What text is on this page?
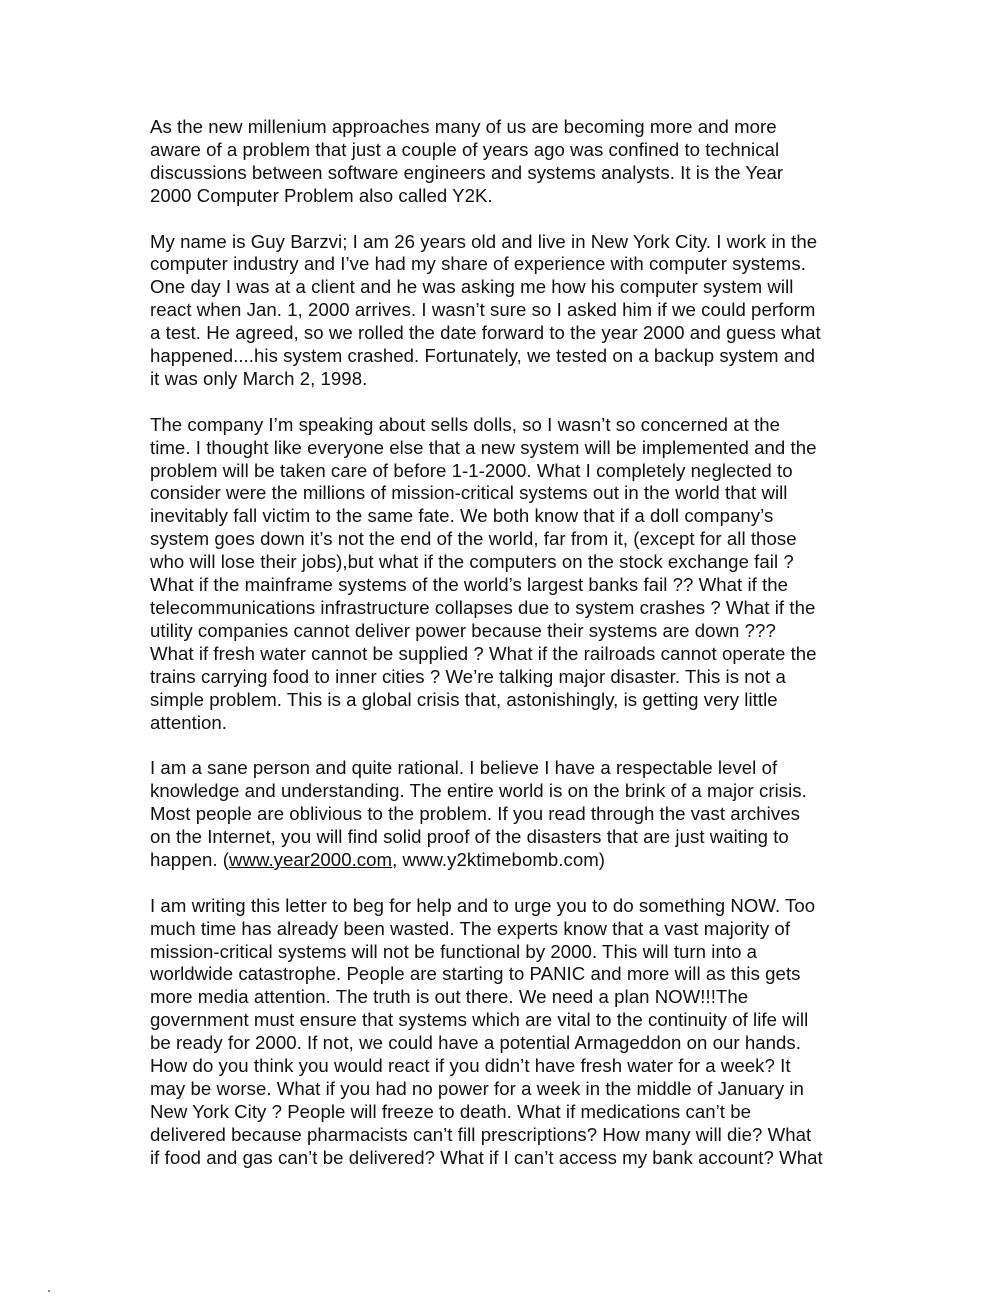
As the new millenium approaches many of us are becoming more and more
aware of a problem that just a couple of years ago was confined to technical
discussions between software engineers and systems analysts. It is the Year
2000 Computer Problem also called Y2K.
My name is Guy Barzvi; I am 26 years old and live in New York City. I work in the
computer industry and I’ve had my share of experience with computer systems.
One day I was at a client and he was asking me how his computer system will
react when Jan. 1, 2000 arrives. I wasn’t sure so I asked him if we could perform
a test. He agreed, so we rolled the date forward to the year 2000 and guess what
happened....his system crashed. Fortunately, we tested on a backup system and
it was only March 2, 1998.
The company I’m speaking about sells dolls, so I wasn’t so concerned at the
time. I thought like everyone else that a new system will be implemented and the
problem will be taken care of before 1-1-2000. What I completely neglected to
consider were the millions of mission-critical systems out in the world that will
inevitably fall victim to the same fate. We both know that if a doll company’s
system goes down it’s not the end of the world, far from it, (except for all those
who will lose their jobs),but what if the computers on the stock exchange fail ?
What if the mainframe systems of the world’s largest banks fail ?? What if the
telecommunications infrastructure collapses due to system crashes ? What if the
utility companies cannot deliver power because their systems are down ???
What if fresh water cannot be supplied ? What if the railroads cannot operate the
trains carrying food to inner cities ? We’re talking major disaster. This is not a
simple problem. This is a global crisis that, astonishingly, is getting very little
attention.
I am a sane person and quite rational. I believe I have a respectable level of
knowledge and understanding. The entire world is on the brink of a major crisis.
Most people are oblivious to the problem. If you read through the vast archives
on the Internet, you will find solid proof of the disasters that are just waiting to
happen. (www.year2000.com, www.y2ktimebomb.com)
I am writing this letter to beg for help and to urge you to do something NOW. Too
much time has already been wasted. The experts know that a vast majority of
mission-critical systems will not be functional by 2000. This will turn into a
worldwide catastrophe. People are starting to PANIC and more will as this gets
more media attention. The truth is out there. We need a plan NOW!!!The
government must ensure that systems which are vital to the continuity of life will
be ready for 2000. If not, we could have a potential Armageddon on our hands.
How do you think you would react if you didn’t have fresh water for a week? It
may be worse. What if you had no power for a week in the middle of January in
New York City ? People will freeze to death. What if medications can’t be
delivered because pharmacists can’t fill prescriptions? How many will die? What
if food and gas can’t be delivered? What if I can’t access my bank account? What
